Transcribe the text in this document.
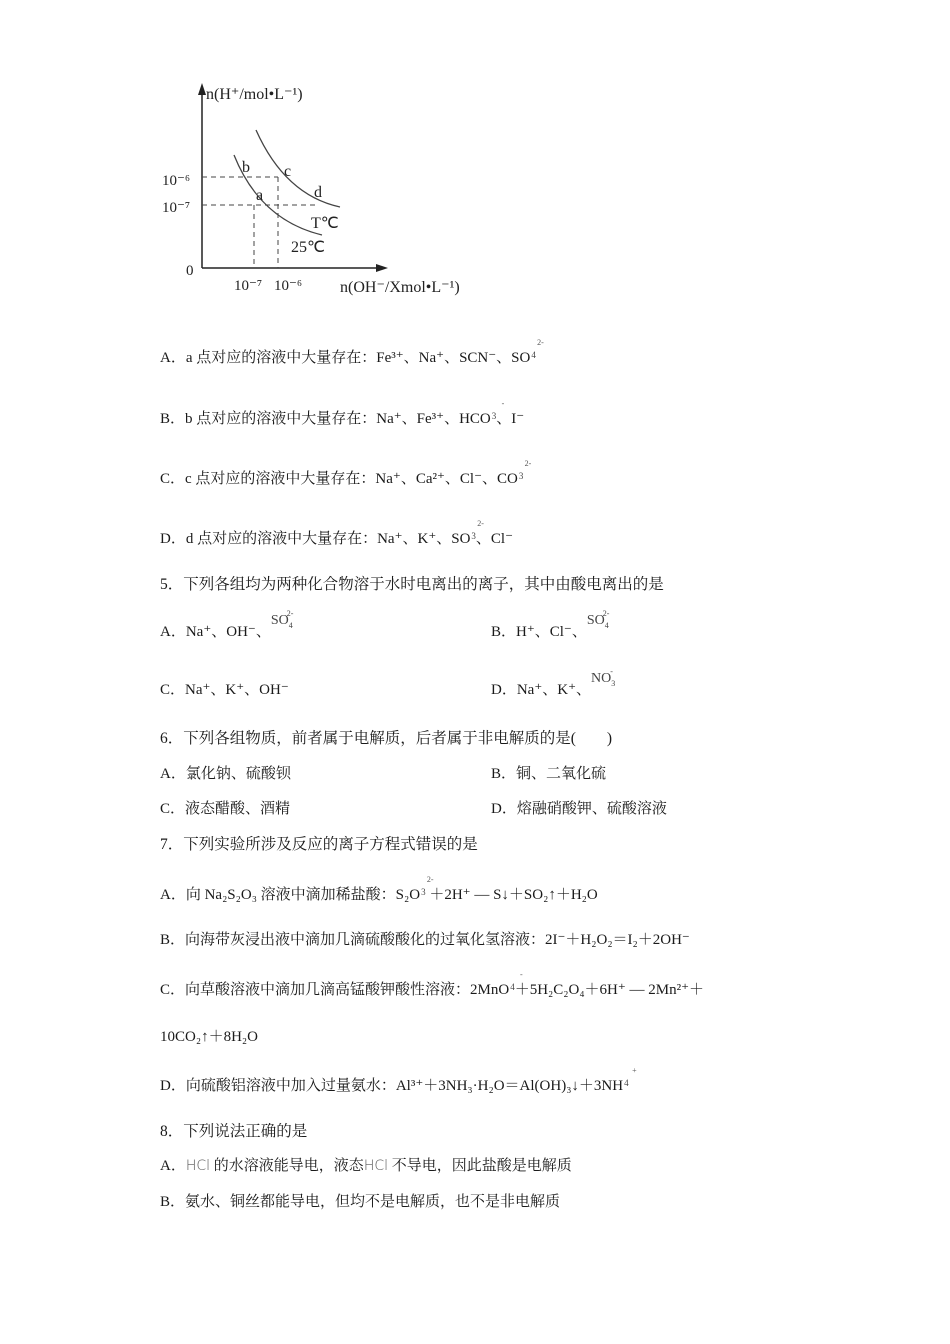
n(H⁺/mol•L⁻¹)
n(OH⁻/Xmol•L⁻¹)
0
10⁻⁶
10⁻⁷
10⁻⁷ 10⁻⁶
a
b c
d
T℃
25℃
A．a 点对应的溶液中大量存在：Fe³⁺、Na⁺、SCN⁻、SO
2-
$^4$
B．b 点对应的溶液中大量存在：Na⁺、Fe³⁺、HCO
-
$^3$、I⁻
C．c 点对应的溶液中大量存在：Na⁺、Ca²⁺、Cl⁻、CO
2-
$^3$
D．d 点对应的溶液中大量存在：Na⁺、K⁺、SO
2-
$^3$、Cl⁻
5．下列各组均为两种化合物溶于水时电离出的离子，其中由酸电离出的是
A．Na⁺、OH⁻、SO42-
B．H⁺、Cl⁻、SO42-
C．Na⁺、K⁺、OH⁻	D．Na⁺、K⁺、NO3-
6．下列各组物质，前者属于电解质，后者属于非电解质的是(　　)
A．氯化钠、硫酸钡	B．铜、二氧化硫
C．液态醋酸、酒精	D．熔融硝酸钾、硫酸溶液
7．下列实验所涉及反应的离子方程式错误的是
A．向 Na₂S₂O₃ 溶液中滴加稀盐酸：S₂O
2-
$^3$ ＋2H⁺ ― S↓＋SO₂↑＋H₂O
B．向海带灰浸出液中滴加几滴硫酸酸化的过氧化氢溶液：2I⁻＋H₂O₂＝I₂＋2OH⁻
C．向草酸溶液中滴加几滴高锰酸钾酸性溶液：2MnO
-
$^4$＋5H₂C₂O₄＋6H⁺ ― 2Mn²⁺＋
10CO₂↑＋8H₂O
D．向硫酸铝溶液中加入过量氨水：Al³⁺＋3NH₃·H₂O＝Al(OH)₃↓＋3NH
+
$^4$
8．下列说法正确的是
A．HCl 的水溶液能导电，液态HCl 不导电，因此盐酸是电解质
B．氨水、铜丝都能导电，但均不是电解质，也不是非电解质
